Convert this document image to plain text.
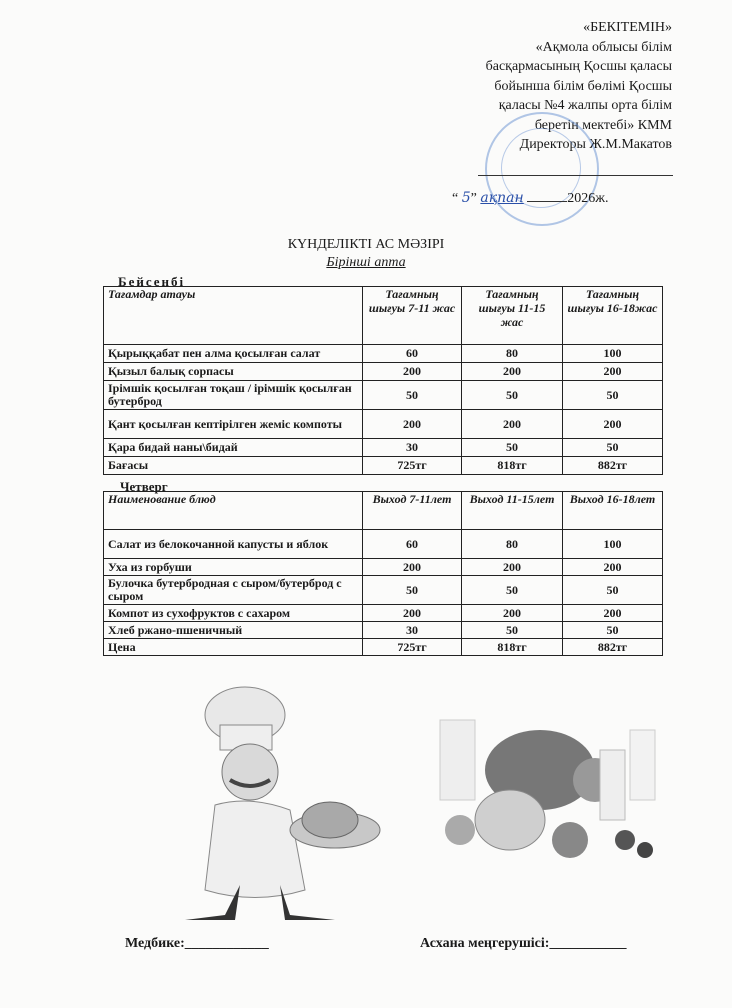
«БЕКІТЕМІН»
«Ақмола облысы білім
басқармасының Қосшы қаласы
бойынша білім бөлімі Қосшы
қаласы №4 жалпы орта білім
беретін мектебі» КММ
Директоры Ж.М.Макатов
“ 5” ақпан	2026ж.
КҮНДЕЛІКТІ АС МӘЗІРІ
Бірінші апта
Бейсенбі
Тағамдар атауы	Тағамның шығуы 7-11 жас	Тағамның шығуы 11-15 жас	Тағамның шығуы 16-18жас
Қырыққабат пен алма қосылған салат	60	80	100
Қызыл балық сорпасы	200	200	200
Ірімшік қосылған тоқаш / ірімшік қосылған бутерброд	50	50	50
Қант қосылған кептірілген жеміс компоты	200	200	200
Қара бидай наны\бидай	30	50	50
Бағасы	725тг	818тг	882тг
Четверг
Наименование блюд	Выход 7-11лет	Выход 11-15лет	Выход 16-18лет
Салат из белокочанной капусты и яблок	60	80	100
Уха из горбуши	200	200	200
Булочка бутербродная с сыром/бутерброд с сыром	50	50	50
Компот из сухофруктов с сахаром	200	200	200
Хлеб ржано-пшеничный	30	50	50
Цена	725тг	818тг	882тг
Медбике:____________	Асхана меңгерушісі:___________
